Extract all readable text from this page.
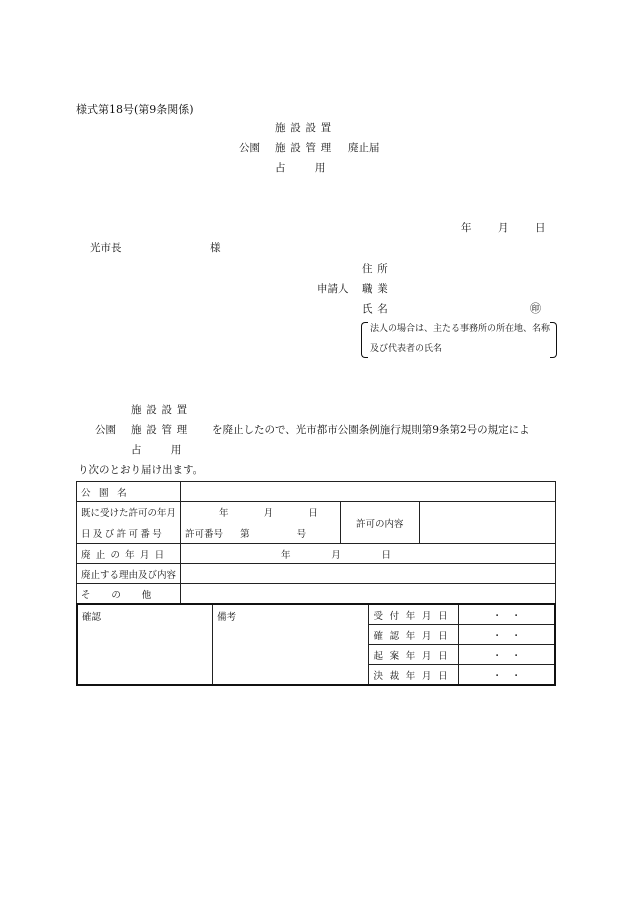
様式第18号(第9条関係)
施設設置
公園 施設管理 廃止届
占用
年	月	日
光市長	様
住所
申請人 職業
氏名	㊞
法人の場合は、主たる事務所の所在地、名称
及び代表者の氏名
施設設置
公園 施設管理 を廃止したので、光市都市公園条例施行規則第9条第2号の規定によ
占用
り次のとおり届け出ます。
公園名			
既に受けた許可の年月	年 月 日	許可の内容	
日及び許可番号	許可番号 第 号		
廃止の年月日	年 月 日		

廃止する理由及び内容			
その他			
確認	備考	受付年月日	・　・
		確認年月日	・　・
		起案年月日	・　・
		決裁年月日	・　・
